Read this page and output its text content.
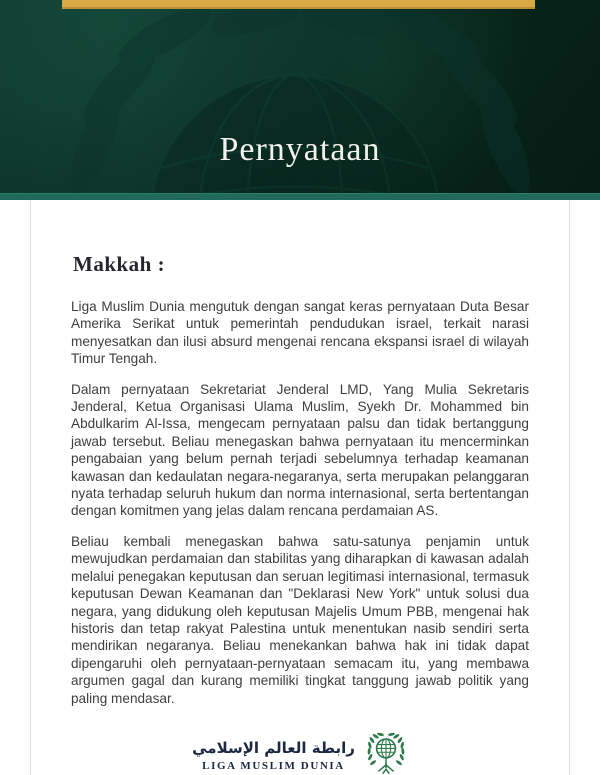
Pernyataan
Makkah :

Liga Muslim Dunia mengutuk dengan sangat keras pernyataan Duta Besar Amerika Serikat untuk pemerintah pendudukan israel, terkait narasi menyesatkan dan ilusi absurd mengenai rencana ekspansi israel di wilayah Timur Tengah.

Dalam pernyataan Sekretariat Jenderal LMD, Yang Mulia Sekretaris Jenderal, Ketua Organisasi Ulama Muslim, Syekh Dr. Mohammed bin Abdulkarim Al-Issa, mengecam pernyataan palsu dan tidak bertanggung jawab tersebut. Beliau menegaskan bahwa pernyataan itu mencerminkan pengabaian yang belum pernah terjadi sebelumnya terhadap keamanan kawasan dan kedaulatan negara-negaranya, serta merupakan pelanggaran nyata terhadap seluruh hukum dan norma internasional, serta bertentangan dengan komitmen yang jelas dalam rencana perdamaian AS.

Beliau kembali menegaskan bahwa satu-satunya penjamin untuk mewujudkan perdamaian dan stabilitas yang diharapkan di kawasan adalah melalui penegakan keputusan dan seruan legitimasi internasional, termasuk keputusan Dewan Keamanan dan "Deklarasi New York" untuk solusi dua negara, yang didukung oleh keputusan Majelis Umum PBB, mengenai hak historis dan tetap rakyat Palestina untuk menentukan nasib sendiri serta mendirikan negaranya. Beliau menekankan bahwa hak ini tidak dapat dipengaruhi oleh pernyataan-pernyataan semacam itu, yang membawa argumen gagal dan kurang memiliki tingkat tanggung jawab politik yang paling mendasar.

رابطة العالم الإسلامي
LIGA MUSLIM DUNIA
